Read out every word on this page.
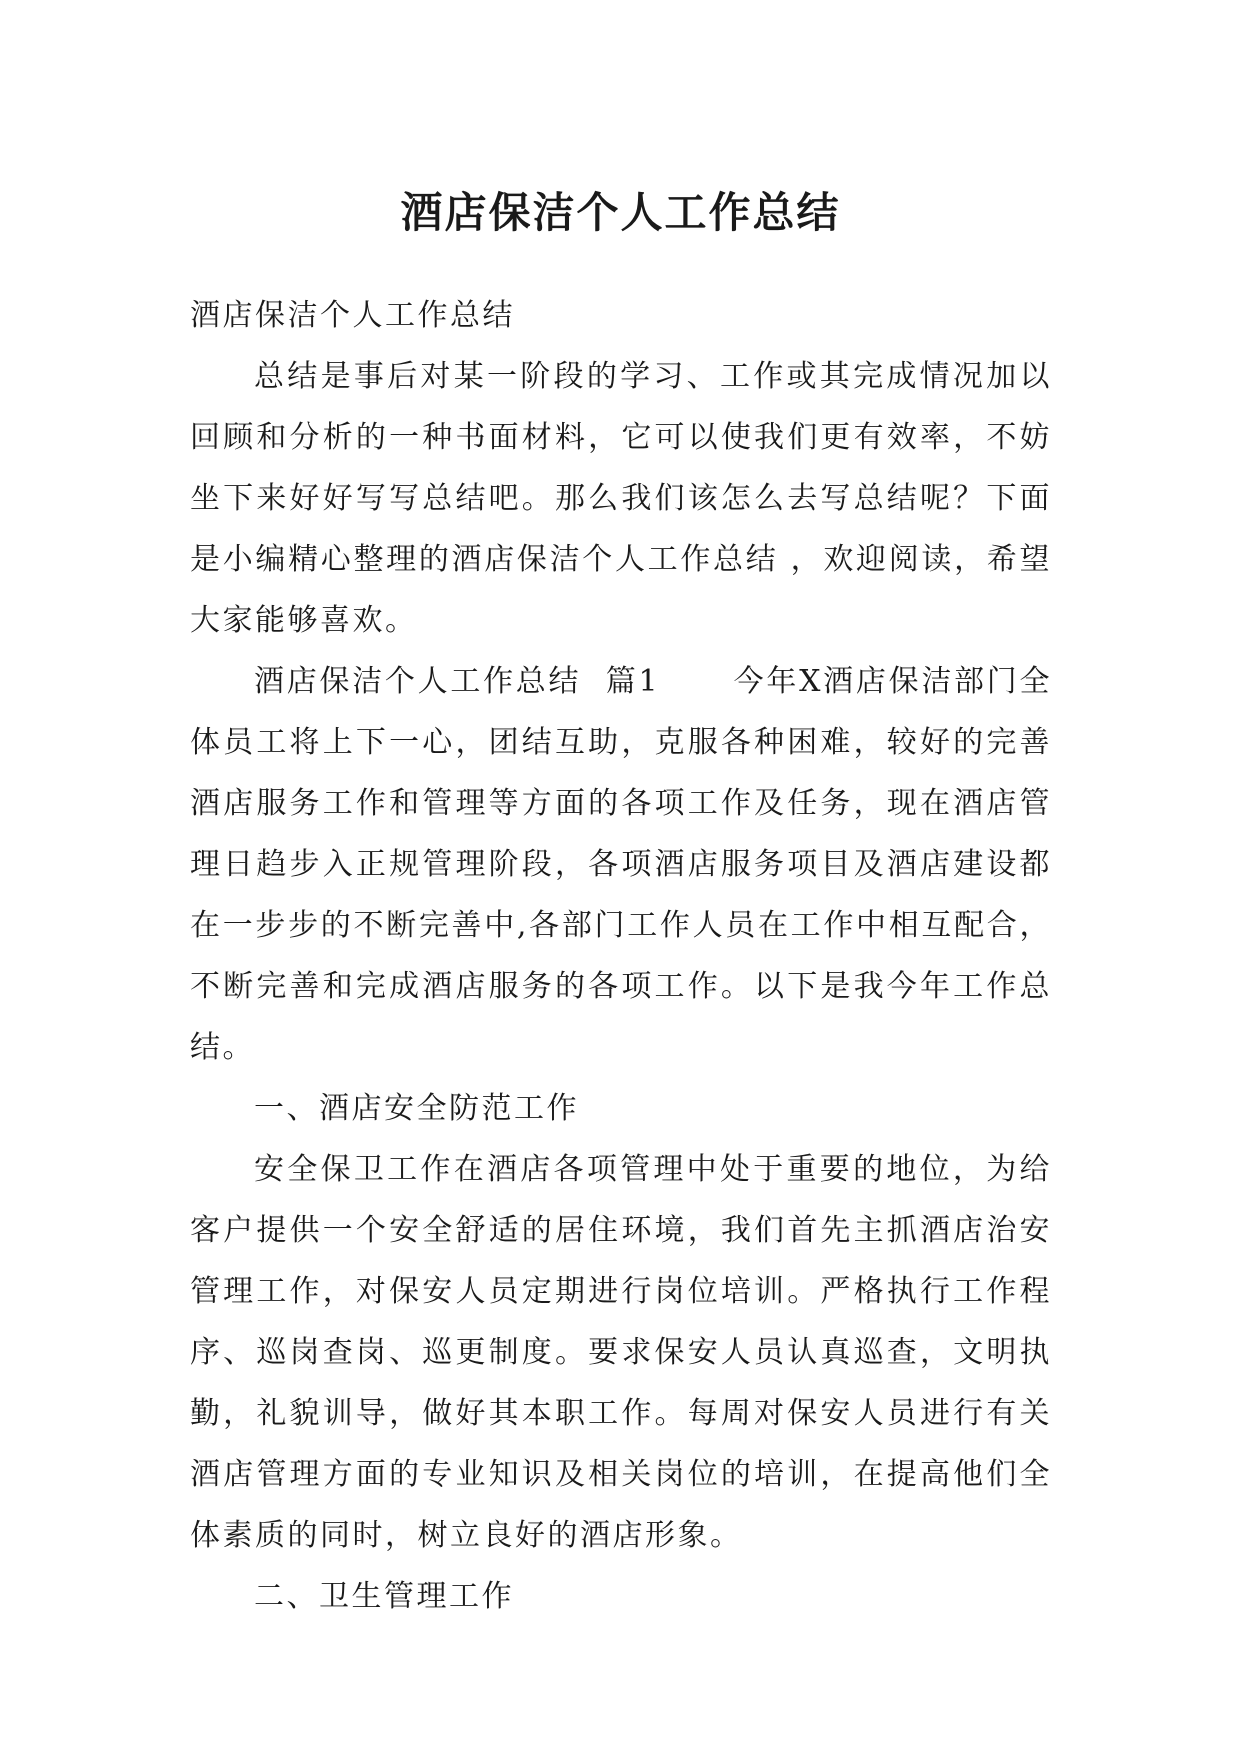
酒店保洁个人工作总结

酒店保洁个人工作总结

总结是事后对某一阶段的学习、工作或其完成情况加以回顾和分析的一种书面材料，它可以使我们更有效率，不妨坐下来好好写写总结吧。那么我们该怎么去写总结呢？下面是小编精心整理的酒店保洁个人工作总结 ，欢迎阅读，希望大家能够喜欢。

酒店保洁个人工作总结  篇1      今年X酒店保洁部门全体员工将上下一心，团结互助，克服各种困难，较好的完善酒店服务工作和管理等方面的各项工作及任务，现在酒店管理日趋步入正规管理阶段，各项酒店服务项目及酒店建设都在一步步的不断完善中,各部门工作人员在工作中相互配合，不断完善和完成酒店服务的各项工作。以下是我今年工作总结。

一、酒店安全防范工作

安全保卫工作在酒店各项管理中处于重要的地位，为给客户提供一个安全舒适的居住环境，我们首先主抓酒店治安管理工作，对保安人员定期进行岗位培训。严格执行工作程序、巡岗查岗、巡更制度。要求保安人员认真巡查，文明执勤，礼貌训导，做好其本职工作。每周对保安人员进行有关酒店管理方面的专业知识及相关岗位的培训，在提高他们全体素质的同时，树立良好的酒店形象。

二、卫生管理工作
